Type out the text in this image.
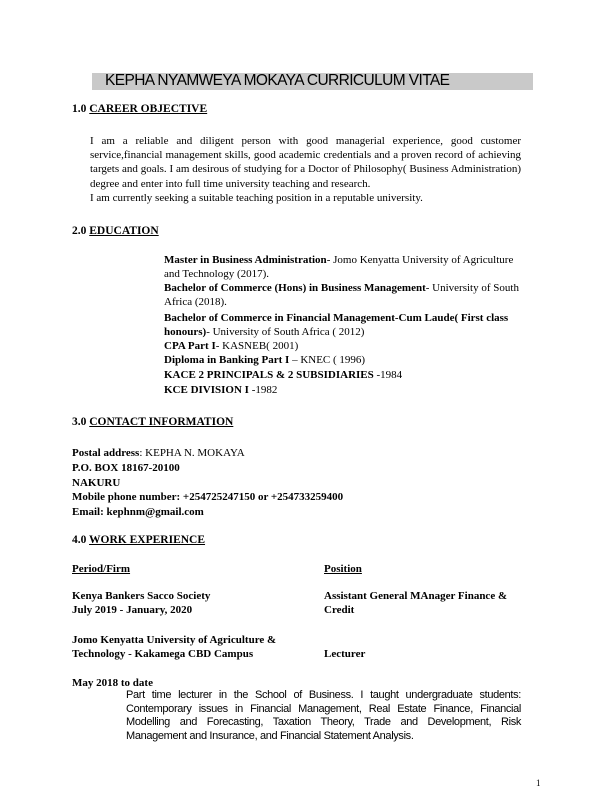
KEPHA NYAMWEYA MOKAYA CURRICULUM VITAE
1.0 CAREER OBJECTIVE

I am a reliable and diligent person with good managerial experience, good customer service,financial management skills, good academic credentials and a proven record of achieving targets and goals. I am desirous of studying for a Doctor of Philosophy( Business Administration) degree and enter into full time university teaching and research.

I am currently seeking a suitable teaching position in a reputable university.

2.0 EDUCATION
Master in Business Administration- Jomo Kenyatta University of Agriculture and Technology (2017).
Bachelor of Commerce (Hons) in Business Management- University of South Africa (2018).
Bachelor of Commerce in Financial Management-Cum Laude( First class honours)- University of South Africa ( 2012)
CPA Part I- KASNEB( 2001)
Diploma in Banking Part I – KNEC ( 1996)
KACE 2 PRINCIPALS & 2 SUBSIDIARIES -1984
KCE DIVISION I -1982
3.0 CONTACT INFORMATION
Postal address: KEPHA N. MOKAYA
P.O. BOX 18167-20100
NAKURU
Mobile phone number: +254725247150 or +254733259400
Email: kephnm@gmail.com
4.0 WORK EXPERIENCE
Period/Firm	Position
Kenya Bankers Sacco Society
July 2019 - January, 2020
Assistant General MAnager Finance & Credit
Jomo Kenyatta University of Agriculture & Technology - Kakamega CBD Campus	Lecturer
May 2018 to date
Part time lecturer in the School of Business. I taught undergraduate students: Contemporary issues in Financial Management, Real Estate Finance, Financial Modelling and Forecasting, Taxation Theory, Trade and Development, Risk Management and Insurance, and Financial Statement Analysis.
1
